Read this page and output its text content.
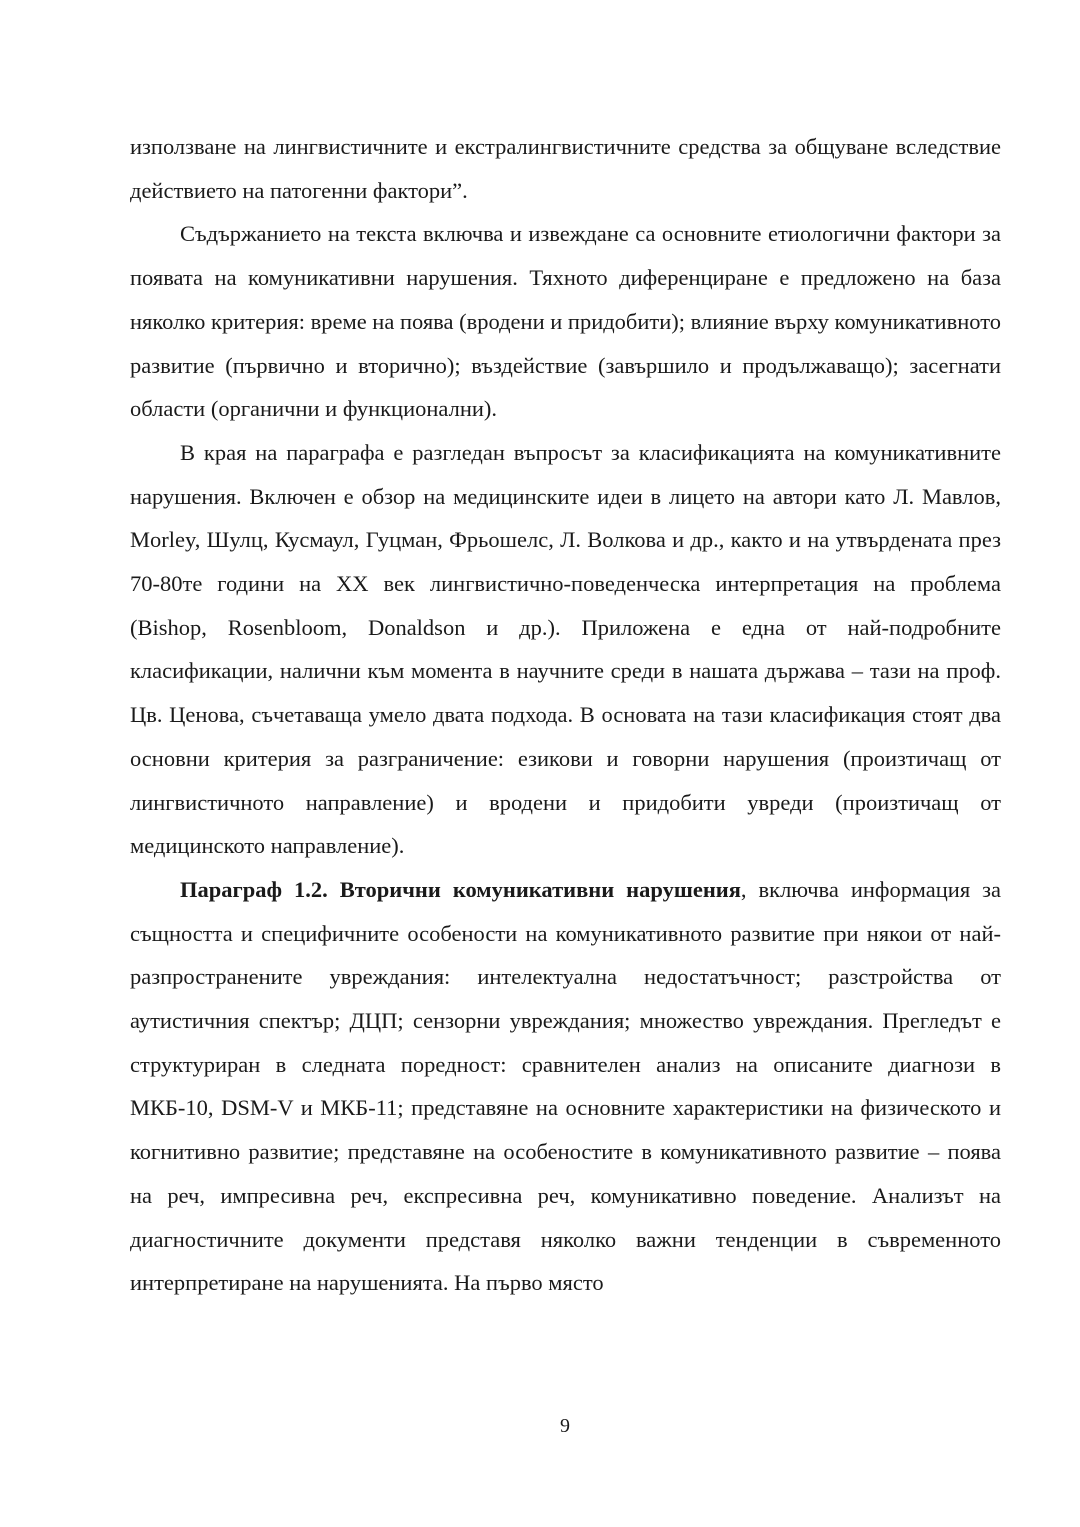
използване на лингвистичните и екстралингвистичните средства за общуване вследствие действието на патогенни фактори”.

Съдържанието на текста включва и извеждане са основните етиологични фактори за появата на комуникативни нарушения. Тяхното диференциране е предложено на база няколко критерия: време на поява (вродени и придобити); влияние върху комуникативното развитие (първично и вторично); въздействие (завършило и продължаващо); засегнати области (органични и функционални).

В края на параграфа е разгледан въпросът за класификацията на комуникативните нарушения. Включен е обзор на медицинските идеи в лицето на автори като Л. Мавлов, Morley, Шулц, Кусмаул, Гуцман, Фрьошелс, Л. Волкова и др., както и на утвърдената през 70-80те години на XX век лингвистично-поведенческа интерпретация на проблема (Bishop, Rosenbloom, Donaldson и др.). Приложена е една от най-подробните класификации, налични към момента в научните среди в нашата държава – тази на проф. Цв. Ценова, съчетаваща умело двата подхода. В основата на тази класификация стоят два основни критерия за разграничение: езикови и говорни нарушения (произтичащ от лингвистичното направление) и вродени и придобити увреди (произтичащ от медицинското направление).

Параграф 1.2. Вторични комуникативни нарушения, включва информация за същността и специфичните особености на комуникативното развитие при някои от най-разпространените увреждания: интелектуална недостатъчност; разстройства от аутистичния спектър; ДЦП; сензорни увреждания; множество увреждания. Прегледът е структуриран в следната поредност: сравнителен анализ на описаните диагнози в МКБ-10, DSM-V и МКБ-11; представяне на основните характеристики на физическото и когнитивно развитие; представяне на особеностите в комуникативното развитие – поява на реч, импресивна реч, експресивна реч, комуникативно поведение. Анализът на диагностичните документи представя няколко важни тенденции в съвременното интерпретиране на нарушенията. На първо място

9
